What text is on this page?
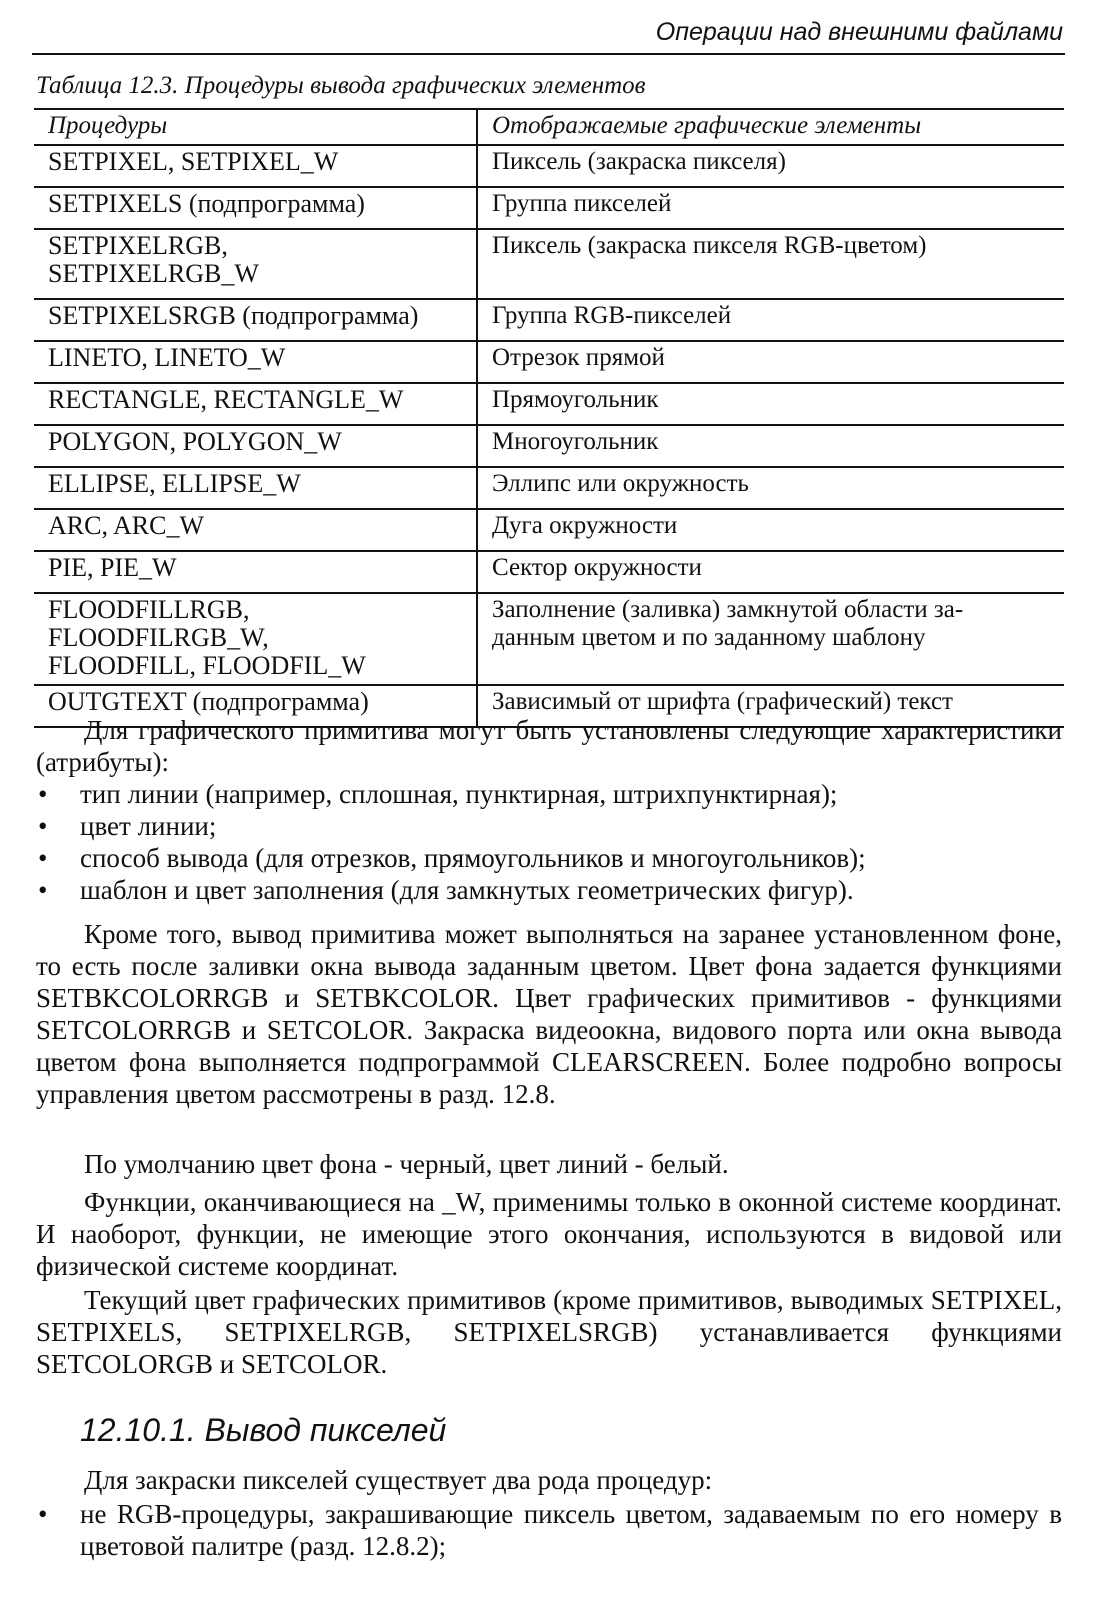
Операции над внешними файлами
Таблица 12.3. Процедуры вывода графических элементов
Процедуры	Отображаемые графические элементы

SETPIXEL, SETPIXEL_W	Пиксель (закраска пикселя)

SETPIXELS (подпрограмма)	Группа пикселей

SETPIXELRGB,
SETPIXELRGB_W	Пиксель (закраска пикселя RGB-цветом)

SETPIXELSRGB (подпрограмма)	Группа RGB-пикселей

LINETO, LINETO_W	Отрезок прямой

RECTANGLE, RECTANGLE_W	Прямоугольник

POLYGON, POLYGON_W	Многоугольник

ELLIPSE, ELLIPSE_W	Эллипс или окружность

ARC, ARC_W	Дуга окружности

PIE, PIE_W	Сектор окружности

FLOODFILLRGB,
FLOODFILRGB_W,
FLOODFILL, FLOODFIL_W	Заполнение (заливка) замкнутой области за-
данным цветом и по заданному шаблону

OUTGTEXT (подпрограмма)	Зависимый от шрифта (графический) текст

Для графического примитива могут быть установлены следующие характеристики (атрибуты):

• тип линии (например, сплошная, пунктирная, штрихпунктирная);
• цвет линии;
• способ вывода (для отрезков, прямоугольников и многоугольников);
• шаблон и цвет заполнения (для замкнутых геометрических фигур).

Кроме того, вывод примитива может выполняться на заранее установленном фоне, то есть после заливки окна вывода заданным цветом. Цвет фона задается функциями SETBKCOLORRGB и SETBKCOLOR. Цвет графических примитивов - функциями SETCOLORRGB и SETCOLOR. Закраска видеоокна, видового порта или окна вывода цветом фона выполняется подпрограммой CLEARSCREEN. Более подробно вопросы управления цветом рассмотрены в разд. 12.8.

По умолчанию цвет фона - черный, цвет линий - белый.

Функции, оканчивающиеся на _W, применимы только в оконной системе координат. И наоборот, функции, не имеющие этого окончания, используются в видовой или физической системе координат.

Текущий цвет графических примитивов (кроме примитивов, выводимых SETPIXEL, SETPIXELS, SETPIXELRGB, SETPIXELSRGB) устанавливается функциями SETCOLORGB и SETCOLOR.

12.10.1. Вывод пикселей

Для закраски пикселей существует два рода процедур:

• не RGB-процедуры, закрашивающие пиксель цветом, задаваемым по его номеру в цветовой палитре (разд. 12.8.2);
